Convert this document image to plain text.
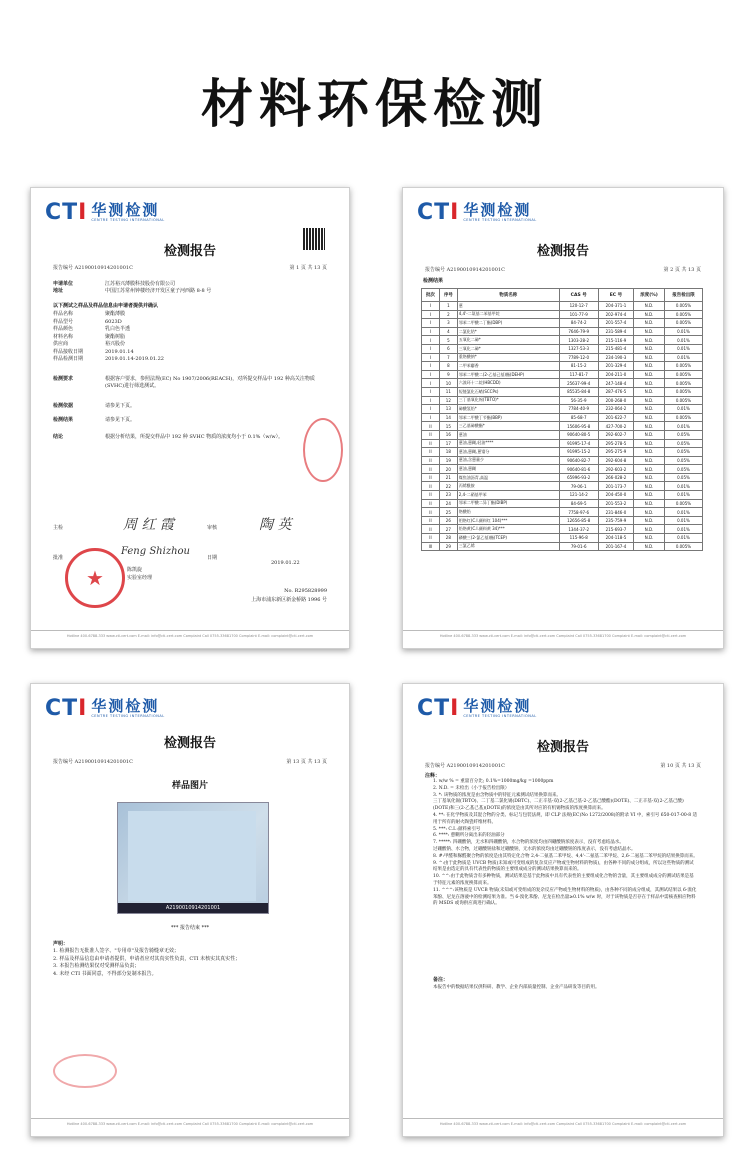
材料环保检测
CTI 华测检测
CENTRE TESTING INTERNATIONAL
检测报告
报告编号 A2190010914201001C	第 1 页 共 13 页
申请单位	江苏裕兴薄膜科技股份有限公司
地址	中国江苏常州钟楼经济开发区童子河西路 8-8 号
以下测试之样品及样品信息由申请者提供并确认
样品名称	聚酯薄膜
样品型号	6023D
样品颜色	乳白色半透
材料名称	聚酯树脂
供应商	裕兴股份
样品接收日期	2019.01.14
样品检测日期	2019.01.14-2019.01.22
检测要求	根据客户要求，参照法规(EC) No 1907/2006(REACH)，对所提交样品中 192 种高关注物质(SVHC)进行筛选测试。
检测依据	请参见下页。
检测结果	请参见下页。
结论	根据分析结果，所提交样品中 192 种 SVHC 物质的浓度均小于 0.1%（w/w）。
主检	周 红 霞	审核	陶 英
批准
Feng Shizhou
陈凯旋
实验室经理
日期
2019.01.22
★
No. R295828999
上海市浦东新区新金桥路 1996 号
Hotline 400-6788-333 www.cti-cert.com E-mail: info@cti-cert.com Complaint Call 0755-33681700 Complaint E-mail: complaint@cti-cert.com
CTI 华测检测
CENTRE TESTING INTERNATIONAL
检测报告
报告编号 A2190010914201001C	第 2 页 共 13 页
检测结果
批次	序号	物质名称	CAS 号	EC 号	浓度(%)	报告检出限
I	1	蒽	120-12-7	204-371-1	N.D.	0.005%
I	2	4,4'-二氨基二苯基甲烷	101-77-9	202-974-4	N.D.	0.005%
I	3	邻苯二甲酸二丁酯(DBP)	84-74-2	201-557-4	N.D.	0.005%
I	4	二氯化钴*	7646-79-9	231-589-4	N.D.	0.01%
I	5	五氧化二砷*	1303-28-2	215-116-9	N.D.	0.01%
I	6	三氧化二砷*	1327-53-3	215-481-4	N.D.	0.01%
I	7	重铬酸钠*	7789-12-0	234-190-3	N.D.	0.01%
I	8	二甲苯麝香	81-15-2	201-329-4	N.D.	0.005%
I	9	邻苯二甲酸二(2-乙基己基)酯(DEHP)	117-81-7	204-211-0	N.D.	0.005%
I	10	六溴环十二烷(HBCDD)	25637-99-4	247-148-4	N.D.	0.005%
I	11	短链氯化石蜡(SCCPs)	85535-84-8	287-476-5	N.D.	0.005%
I	12	三丁基氧化锡(TBTO)*	56-35-9	200-268-0	N.D.	0.005%
I	13	砷酸氢铅*	7784-40-9	232-064-2	N.D.	0.01%
I	14	邻苯二甲酸丁苄酯(BBP)	85-68-7	201-622-7	N.D.	0.005%
II	15	三乙基砷酸酯*	15606-95-8	427-700-2	N.D.	0.01%
II	16	蒽油	90640-80-5	292-602-7	N.D.	0.05%
II	17	蒽油,蒽糊,轻油****	91995-17-4	295-278-5	N.D.	0.05%
II	18	蒽油,蒽糊,蒽馏分	91995-15-2	295-275-9	N.D.	0.05%
II	19	蒽油,含蒽量少	90640-82-7	292-604-8	N.D.	0.05%
II	20	蒽油,蒽糊	90640-81-6	292-603-2	N.D.	0.05%
II	21	煤焦油沥青,高温	65996-93-2	266-028-2	N.D.	0.05%
II	22	丙烯酰胺	79-06-1	201-173-7	N.D.	0.01%
II	23	2,4-二硝基甲苯	121-14-2	204-450-0	N.D.	0.01%
II	24	邻苯二甲酸二异丁酯(DIBP)	84-69-5	201-553-2	N.D.	0.005%
II	25	铬酸铅	7758-97-6	231-846-0	N.D.	0.01%
II	26	钼铬红(C.I.颜料红 104)***	12656-85-8	235-759-9	N.D.	0.01%
II	27	铅铬黄(C.I.颜料黄 34)***	1344-37-2	215-693-7	N.D.	0.01%
II	28	磷酸三(2-氯乙基)酯(TCEP)	115-96-8	204-118-5	N.D.	0.01%
III	29	三氯乙烯	79-01-6	201-167-4	N.D.	0.005%
Hotline 400-6788-333 www.cti-cert.com E-mail: info@cti-cert.com Complaint Call 0755-33681700 Complaint E-mail: complaint@cti-cert.com
CTI 华测检测
CENTRE TESTING INTERNATIONAL
检测报告
报告编号 A2190010914201001C	第 13 页 共 13 页
样品图片
A2190010914201001
*** 报告结束 ***
声明：
1. 检测报告无批准人签字、"专用章"及报告骑缝章无效；
2. 样品及样品信息由申请者提供，申请者应对其真实性负责，CTI 未核实其真实性；
3. 本报告检测结果仅对受测样品负责；
4. 未经 CTI 书面同意，不得部分复制本报告。
Hotline 400-6788-333 www.cti-cert.com E-mail: info@cti-cert.com Complaint Call 0755-33681700 Complaint E-mail: complaint@cti-cert.com
CTI 华测检测
CENTRE TESTING INTERNATIONAL
检测报告
报告编号 A2190010914201001C	第 10 页 共 13 页
注释：

1. w/w % = 重量百分比; 0.1%=1000mg/kg =1000ppm

2. N.D. = 未检出（小于报告检出限）

3. *: 该物质的浓度是由含物质中的特征元素测试结果换算而来。

三丁基氧化锡(TBTO)、二丁基二氯化锡(DBTC)、二正辛基-双(2-乙基己基-2-乙基己酸酯)(DOTE)、二正辛基-双(2-乙基己酸)(DOTE)和三(2-乙基己基)(DOTE)的浓度是由其所对应的有机锡物质的浓度换算而来。

4. **: 在化学物质及其混合物的分类、标记与包装法规，即 CLP 法规(EC)No 1272/2008)的附录 VI 中，索引号 650-017-00-8 适用于所有的耐火陶瓷纤维材料。

5. ***: C.I.:颜料索引号

6. ****: 蒽糊所分离出来的轻油部分

7. *****: 四硼酸钠，无水和四硼酸钠，水合物的浓度均由四硼酸钠浓度表示，没有考虑结晶水。

过硼酸钠、水合物，过硼酸钠盐和过硼酸钠，无水的浓度均由过硼酸钠的浓度表示，没有考虑结晶水。

8. #:甲醛和脲醛聚合物的浓度是由其特定化合物 2,4-二氨基二苯甲烷、4,4'-二氨基二苯甲烷、2,6-二氨基二苯甲烷的结果换算而来。

9. ^:由于此物质是 UVCB 物质(未知或可变组成的复杂反应产物或生物材料的物质)，由各种不同的成分组成，所以这些物质的测试结果是由选定的具有代表性的物质的主要组成成分的测试结果换算而来的。

10. ^^:由于此物质含有多种物质，测试结果是基于此物质中具有代表性的主要组成化合物的含量，其主要组成成分的测试结果是基于特征元素的浓度换算而来。

11. ^^^:该物质是 UVCB 物质(未知或可变组成的复杂反应产物或生物材料的物质)，由各种不同的成分组成，其测试结果以 6-溴化苯酚、尼龙在溶液中的检测结果为准。当 6-溴化苯酚、尼龙在检出量≥0.1% w/w 时，对于该物质是否存在于样品中需核查相应物料的 MSDS 或询供应商进行确认。

备注：
本报告中的数据结果仅供科研、教学、企业内部质量控制、企业产品研发等目的用。
Hotline 400-6788-333 www.cti-cert.com E-mail: info@cti-cert.com Complaint Call 0755-33681700 Complaint E-mail: complaint@cti-cert.com
